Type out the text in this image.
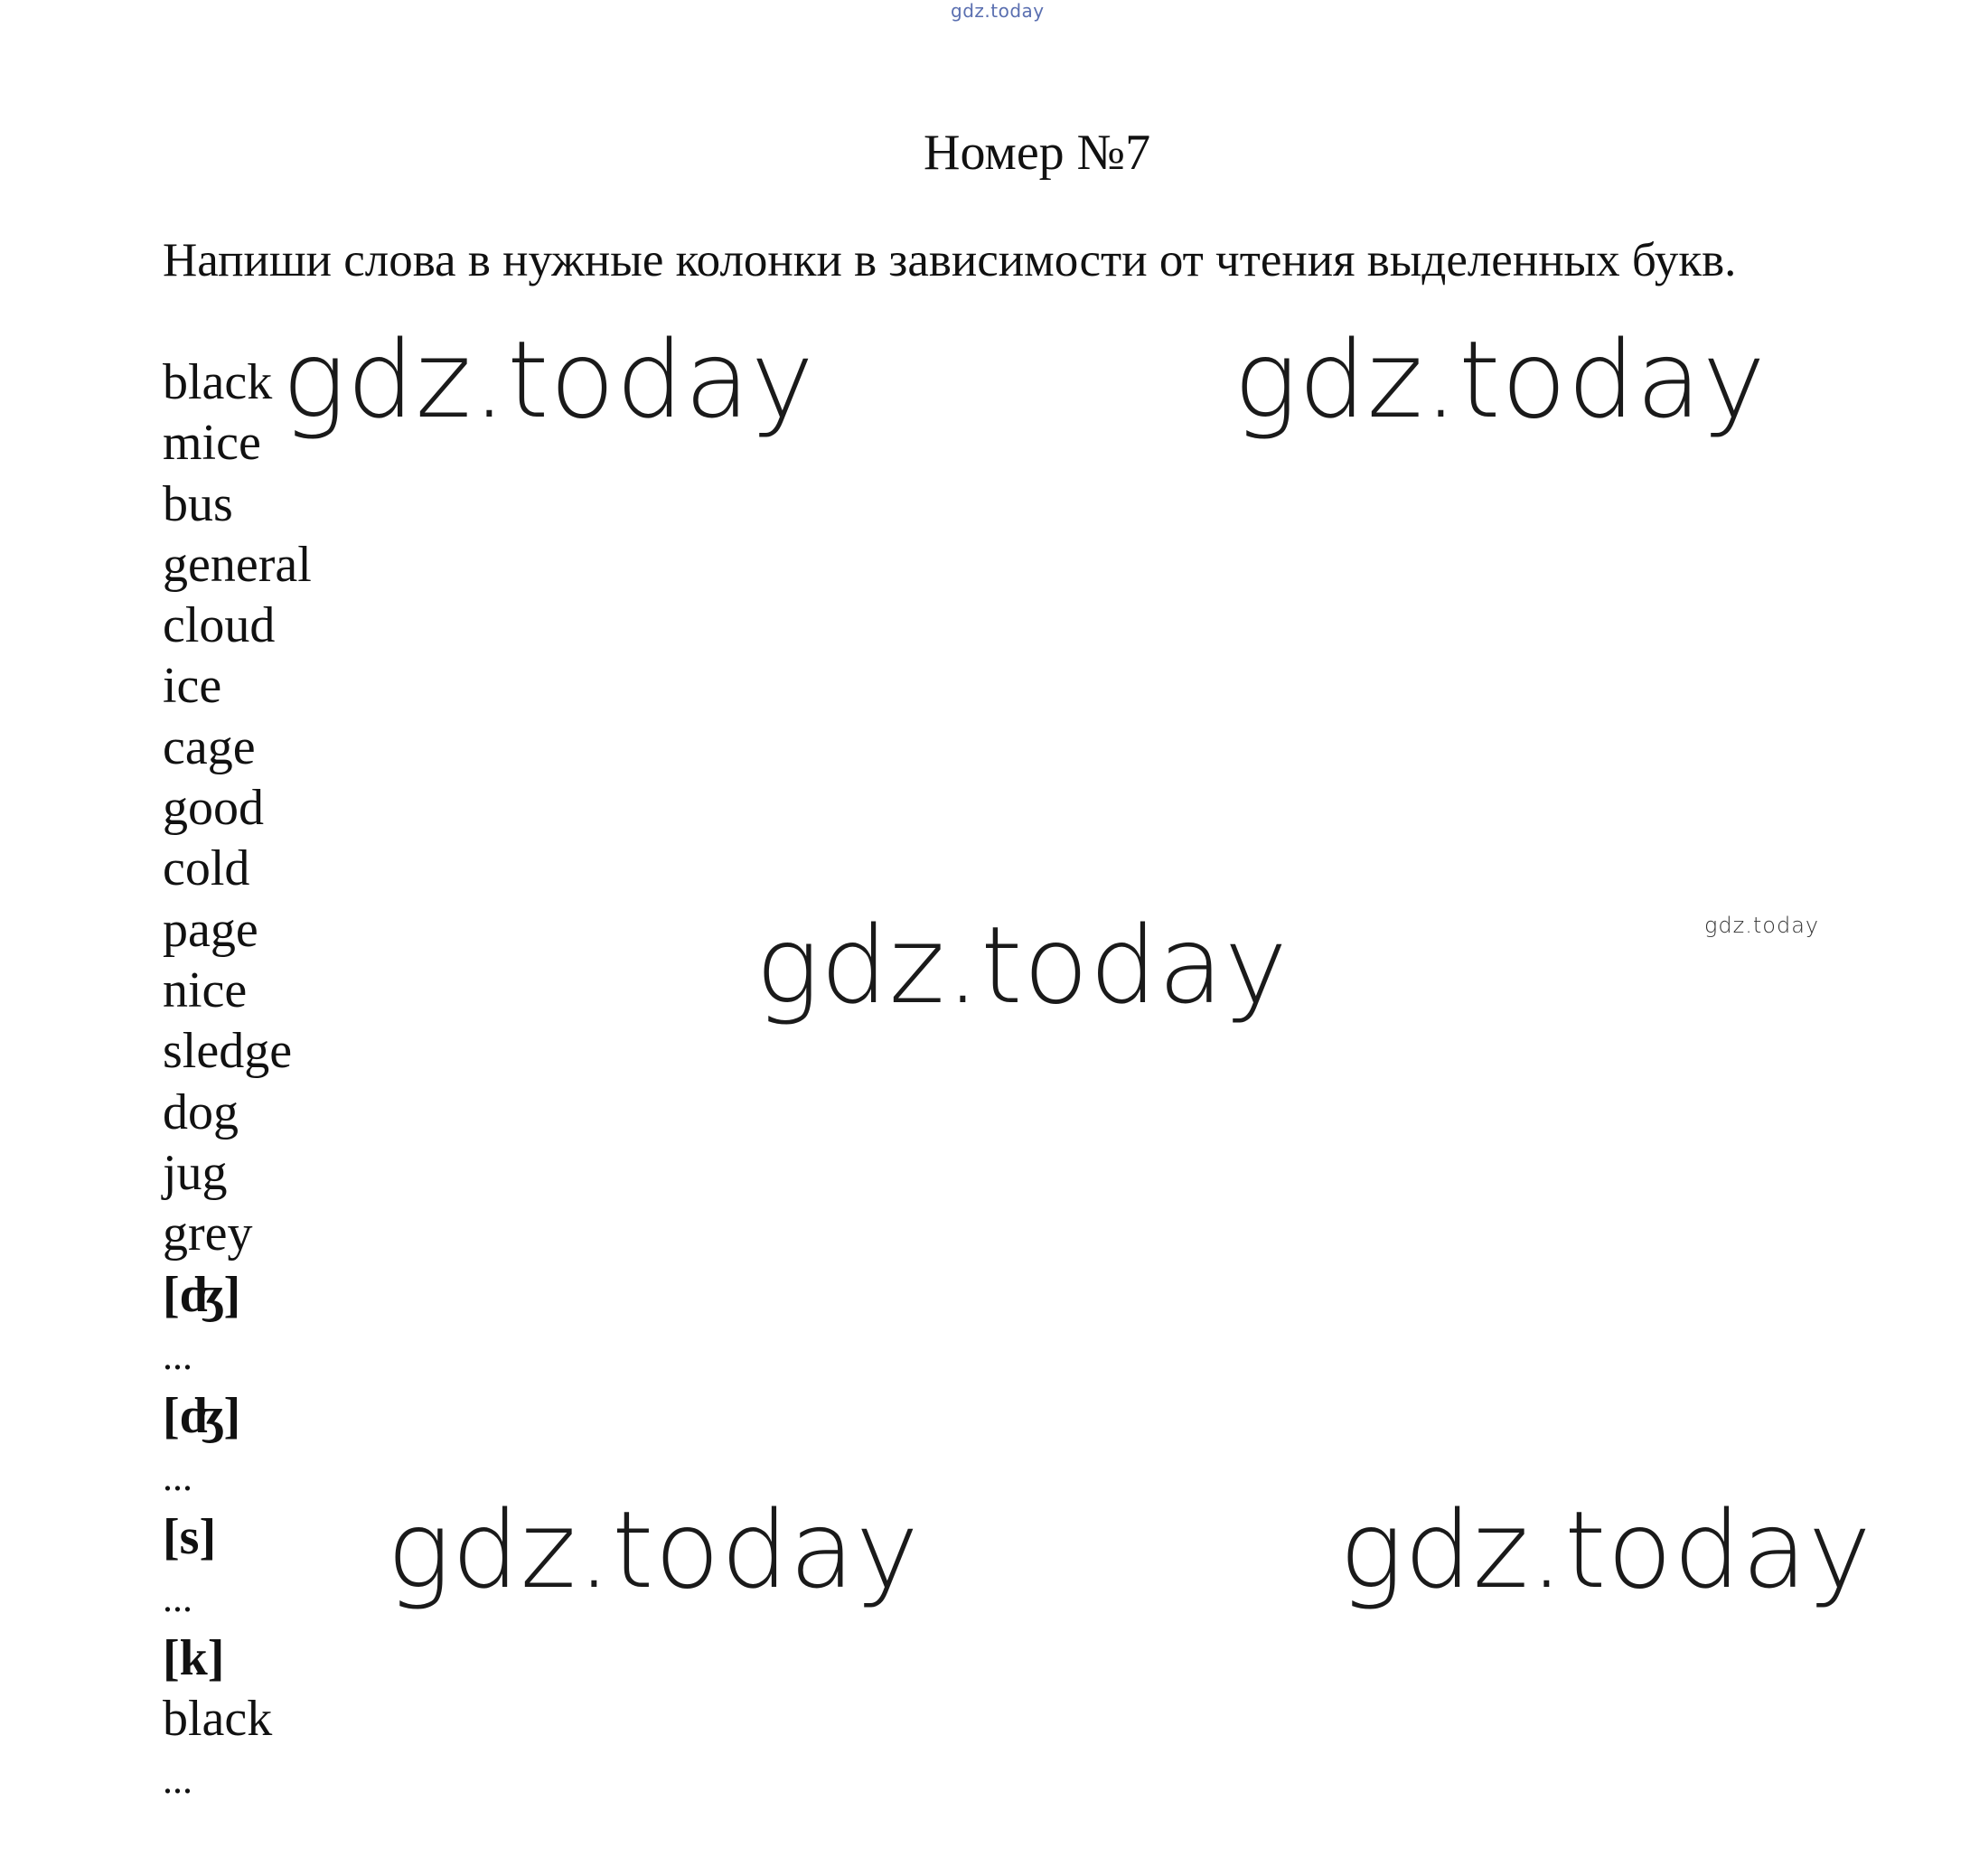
gdz.today
gdz.today	gdz.today
gdz.today	gdz.today
gdz.today	gdz.today
Номер №7
Напиши слова в нужные колонки в зависимости от чтения выделенных букв.
black
mice
bus
general
cloud
ice
cage
good
cold
page
nice
sledge
dog
jug
grey
[ʤ]
...
[ʤ]
...
[s]
...
[k]
black
...
